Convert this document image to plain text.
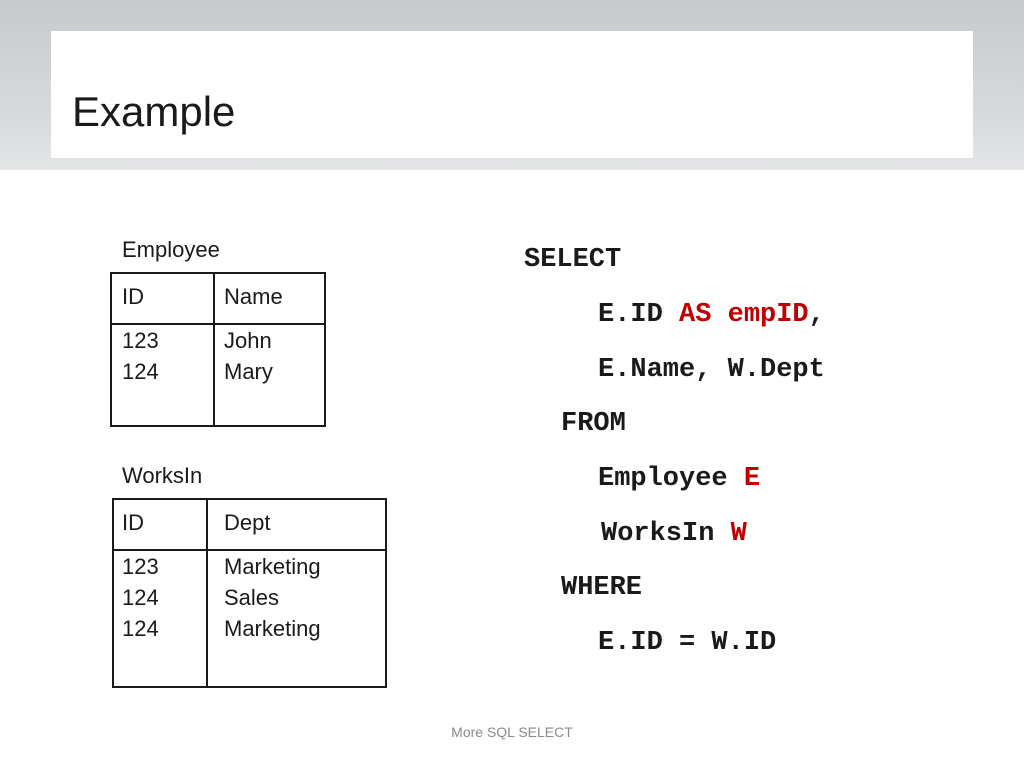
Example
Employee
ID	Name
123	John
124	Mary
WorksIn
ID	Dept
123	Marketing
124	Sales
124	Marketing
SELECT
E.ID AS empID,
E.Name, W.Dept
FROM
Employee E
WorksIn W
WHERE
E.ID = W.ID
More SQL SELECT
